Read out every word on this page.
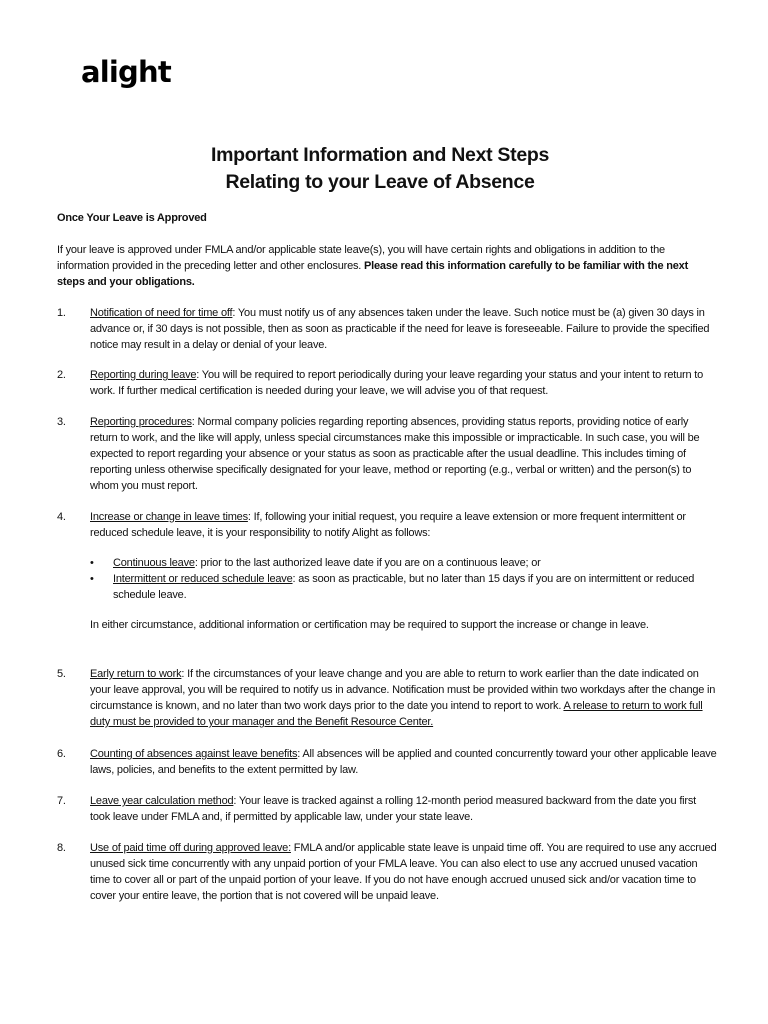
alight
Important Information and Next Steps
Relating to your Leave of Absence
Once Your Leave is Approved
If your leave is approved under FMLA and/or applicable state leave(s), you will have certain rights and obligations in addition to the information provided in the preceding letter and other enclosures. Please read this information carefully to be familiar with the next steps and your obligations.
1. Notification of need for time off: You must notify us of any absences taken under the leave. Such notice must be (a) given 30 days in advance or, if 30 days is not possible, then as soon as practicable if the need for leave is foreseeable. Failure to provide the specified notice may result in a delay or denial of your leave.
2. Reporting during leave: You will be required to report periodically during your leave regarding your status and your intent to return to work. If further medical certification is needed during your leave, we will advise you of that request.
3. Reporting procedures: Normal company policies regarding reporting absences, providing status reports, providing notice of early return to work, and the like will apply, unless special circumstances make this impossible or impracticable. In such case, you will be expected to report regarding your absence or your status as soon as practicable after the usual deadline. This includes timing of reporting unless otherwise specifically designated for your leave, method or reporting (e.g., verbal or written) and the person(s) to whom you must report.
4. Increase or change in leave times: If, following your initial request, you require a leave extension or more frequent intermittent or reduced schedule leave, it is your responsibility to notify Alight as follows:
• Continuous leave: prior to the last authorized leave date if you are on a continuous leave; or
• Intermittent or reduced schedule leave: as soon as practicable, but no later than 15 days if you are on intermittent or reduced schedule leave.
In either circumstance, additional information or certification may be required to support the increase or change in leave.
5. Early return to work: If the circumstances of your leave change and you are able to return to work earlier than the date indicated on your leave approval, you will be required to notify us in advance. Notification must be provided within two workdays after the change in circumstance is known, and no later than two work days prior to the date you intend to report to work. A release to return to work full duty must be provided to your manager and the Benefit Resource Center.
6. Counting of absences against leave benefits: All absences will be applied and counted concurrently toward your other applicable leave laws, policies, and benefits to the extent permitted by law.
7. Leave year calculation method: Your leave is tracked against a rolling 12-month period measured backward from the date you first took leave under FMLA and, if permitted by applicable law, under your state leave.
8. Use of paid time off during approved leave: FMLA and/or applicable state leave is unpaid time off. You are required to use any accrued unused sick time concurrently with any unpaid portion of your FMLA leave. You can also elect to use any accrued unused vacation time to cover all or part of the unpaid portion of your leave. If you do not have enough accrued unused sick and/or vacation time to cover your entire leave, the portion that is not covered will be unpaid leave.
